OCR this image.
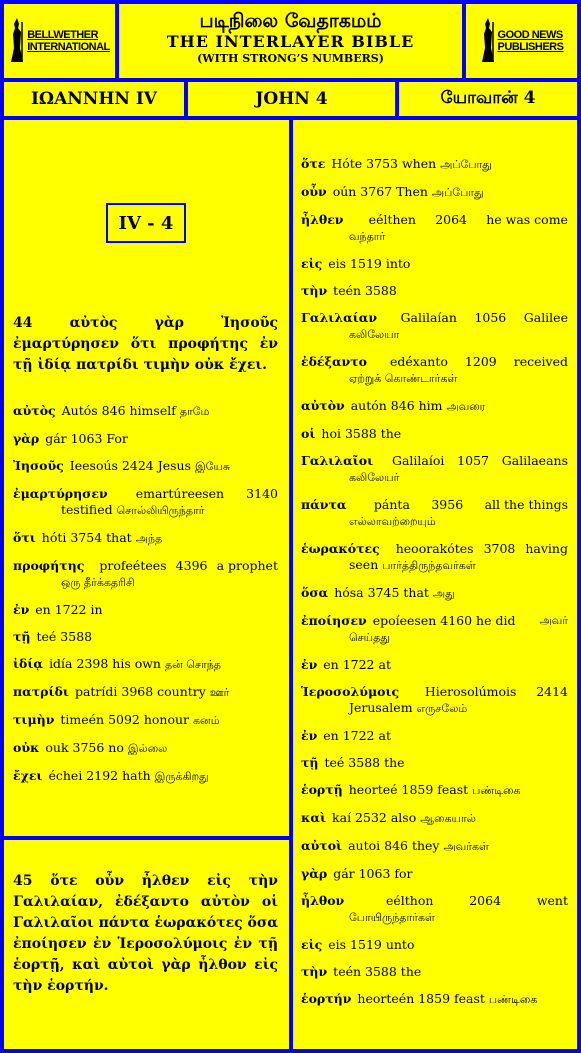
BELLWETHER
INTERNATIONAL
படிநிலை வேதாகமம்
THE INTERLAYER BIBLE
(WITH STRONG’S NUMBERS)
GOOD NEWS
PUBLISHERS
ΙΩΑΝΝΗΝ IV	JOHN 4	யோவான் 4
IV - 4
44 αὐτὸς γὰρ Ἰησοῦς ἐμαρτύρησεν ὅτι προφήτης ἐν τῇ ἰδίᾳ πατρίδι τιμὴν οὐκ ἔχει.
αὐτὸς Autós 846 himself தாமே
γὰρ gár 1063 For
Ἰησοῦς Ieesoús 2424 Jesus இயேசு
ἐμαρτύρησεν emartúreesen 3140
testified சொல்லியிருந்தார்
ὅτι hóti 3754 that அந்த
προφήτης profeétees 4396 a prophet
ஒரு தீர்க்கதரிசி
ἐν en 1722 in
τῇ teé 3588
ἰδίᾳ idía 2398 his own தன் சொந்த
πατρίδι patrídi 3968 country ஊர்
τιμὴν timeén 5092 honour கனம்
οὐκ ouk 3756 no இல்லை
ἔχει échei 2192 hath இருக்கிறது
45 ὅτε οὖν ἦλθεν εἰς τὴν Γαλιλαίαν, ἐδέξαντο αὐτὸν οἱ Γαλιλαῖοι πάντα ἑωρακότες ὅσα ἐποίησεν ἐν Ἱεροσολύμοις ἐν τῇ ἑορτῇ, καὶ αὐτοὶ γὰρ ἦλθον εἰς τὴν ἑορτήν.
ὅτε Hóte 3753 when அப்போது
οὖν oún 3767 Then அப்போது
ἦλθεν eélthen 2064 he was come
வந்தார்
εἰς eis 1519 into
τὴν teén 3588
Γαλιλαίαν Galilaían 1056 Galilee
கலிலேயா
ἐδέξαντο edéxanto 1209 received
ஏற்றுக் கொண்டார்கள்
αὐτὸν autón 846 him அவரை
οἱ hoi 3588 the
Γαλιλαῖοι Galilaíoi 1057 Galilaeans
கலிலேயர்
πάντα pánta 3956 all the things
எல்லாவற்றையும்
ἑωρακότες heoorakótes 3708 having
seen பார்த்திருந்தவர்கள்
ὅσα hósa 3745 that அது
ἐποίησεν epoíeesen 4160 he did அவர்
செய்தது
ἐν en 1722 at
Ἱεροσολύμοις Hierosolúmois 2414
Jerusalem எருசலேம்
ἐν en 1722 at
τῇ teé 3588 the
ἑορτῇ heorteé 1859 feast பண்டிகை
καὶ kaí 2532 also ஆகையால்
αὐτοὶ autoi 846 they அவர்கள்
γὰρ gár 1063 for
ἦλθον	eélthon	2064	went
போயிருந்தார்கள்
εἰς eis 1519 unto
τὴν teén 3588 the
ἑορτήν heorteén 1859 feast பண்டிகை
